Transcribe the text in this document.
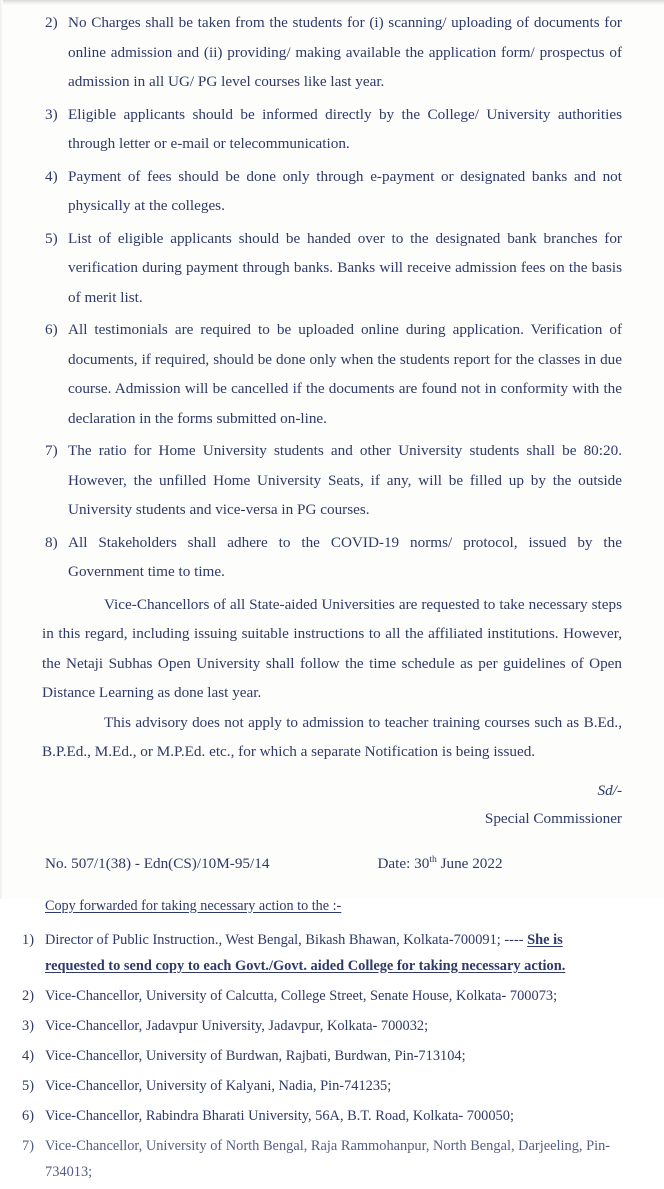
2) No Charges shall be taken from the students for (i) scanning/ uploading of documents for online admission and (ii) providing/ making available the application form/ prospectus of admission in all UG/ PG level courses like last year.
3) Eligible applicants should be informed directly by the College/ University authorities through letter or e-mail or telecommunication.
4) Payment of fees should be done only through e-payment or designated banks and not physically at the colleges.
5) List of eligible applicants should be handed over to the designated bank branches for verification during payment through banks. Banks will receive admission fees on the basis of merit list.
6) All testimonials are required to be uploaded online during application. Verification of documents, if required, should be done only when the students report for the classes in due course. Admission will be cancelled if the documents are found not in conformity with the declaration in the forms submitted on-line.
7) The ratio for Home University students and other University students shall be 80:20. However, the unfilled Home University Seats, if any, will be filled up by the outside University students and vice-versa in PG courses.
8) All Stakeholders shall adhere to the COVID-19 norms/ protocol, issued by the Government time to time.

Vice-Chancellors of all State-aided Universities are requested to take necessary steps in this regard, including issuing suitable instructions to all the affiliated institutions. However, the Netaji Subhas Open University shall follow the time schedule as per guidelines of Open Distance Learning as done last year.

This advisory does not apply to admission to teacher training courses such as B.Ed., B.P.Ed., M.Ed., or M.P.Ed. etc., for which a separate Notification is being issued.

Sd/-
Special Commissioner
No. 507/1(38) - Edn(CS)/10M-95/14	Date: 30th June 2022
Copy forwarded for taking necessary action to the :-
1) Director of Public Instruction., West Bengal, Bikash Bhawan, Kolkata-700091; ---- She is requested to send copy to each Govt./Govt. aided College for taking necessary action.
2) Vice-Chancellor, University of Calcutta, College Street, Senate House, Kolkata- 700073;
3) Vice-Chancellor, Jadavpur University, Jadavpur, Kolkata- 700032;
4) Vice-Chancellor, University of Burdwan, Rajbati, Burdwan, Pin-713104;
5) Vice-Chancellor, University of Kalyani, Nadia, Pin-741235;
6) Vice-Chancellor, Rabindra Bharati University, 56A, B.T. Road, Kolkata- 700050;
7) Vice-Chancellor, University of North Bengal, Raja Rammohanpur, North Bengal, Darjeeling, Pin-734013;
